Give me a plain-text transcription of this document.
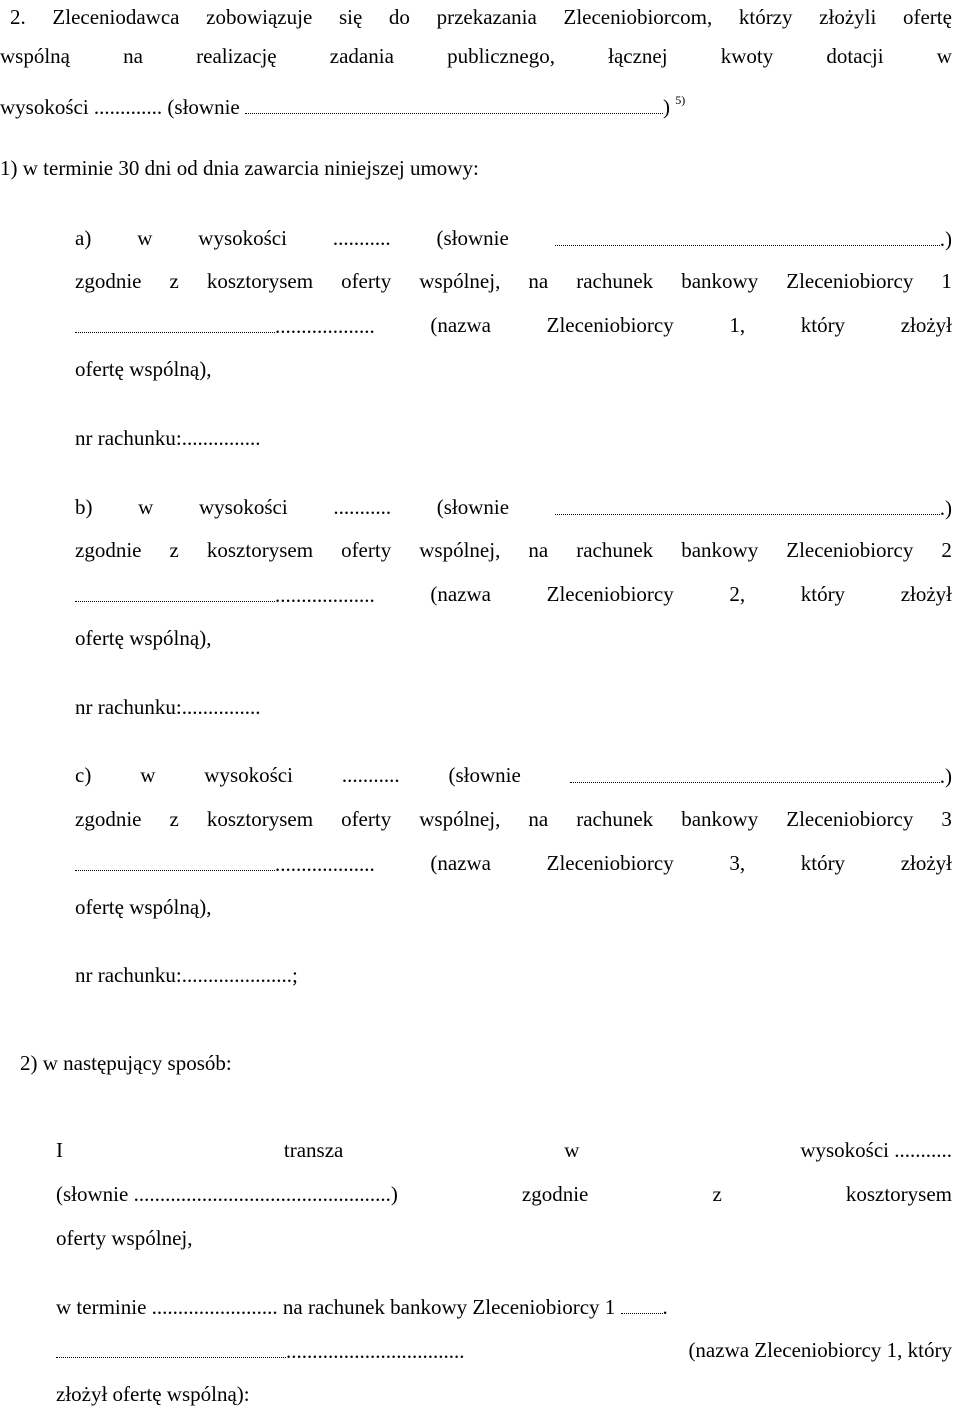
2. Zleceniodawca zobowiązuje się do przekazania Zleceniobiorcom, którzy złożyli ofertę
wspólną	na	realizację	zadania	publicznego,	łącznej	kwoty	dotacji	w
wysokości ............. (słownie	) $^{5)}$
1) w terminie 30 dni od dnia zawarcia niniejszej umowy:
a) w wysokości ........... (słownie	.)
zgodnie z kosztorysem oferty wspólnej, na rachunek bankowy Zleceniobiorcy 1
...................	(nazwa	Zleceniobiorcy	1,	który	złożył
ofertę wspólną),
nr rachunku:...............
b) w wysokości ........... (słownie	.)
zgodnie z kosztorysem oferty wspólnej, na rachunek bankowy Zleceniobiorcy 2
...................	(nazwa	Zleceniobiorcy	2,	który	złożył
ofertę wspólną),
nr rachunku:...............
c) w wysokości ........... (słownie	.)
zgodnie z kosztorysem oferty wspólnej, na rachunek bankowy Zleceniobiorcy 3
...................	(nazwa	Zleceniobiorcy	3,	który	złożył
ofertę wspólną),
nr rachunku:.....................;
2) w następujący sposób:
I	transza	w	wysokości ...........
(słownie .................................................)	zgodnie	z	kosztorysem
oferty wspólnej,
w terminie ........................ na rachunek bankowy Zleceniobiorcy 1 .
..................................	(nazwa Zleceniobiorcy 1, który
złożył ofertę wspólną):
